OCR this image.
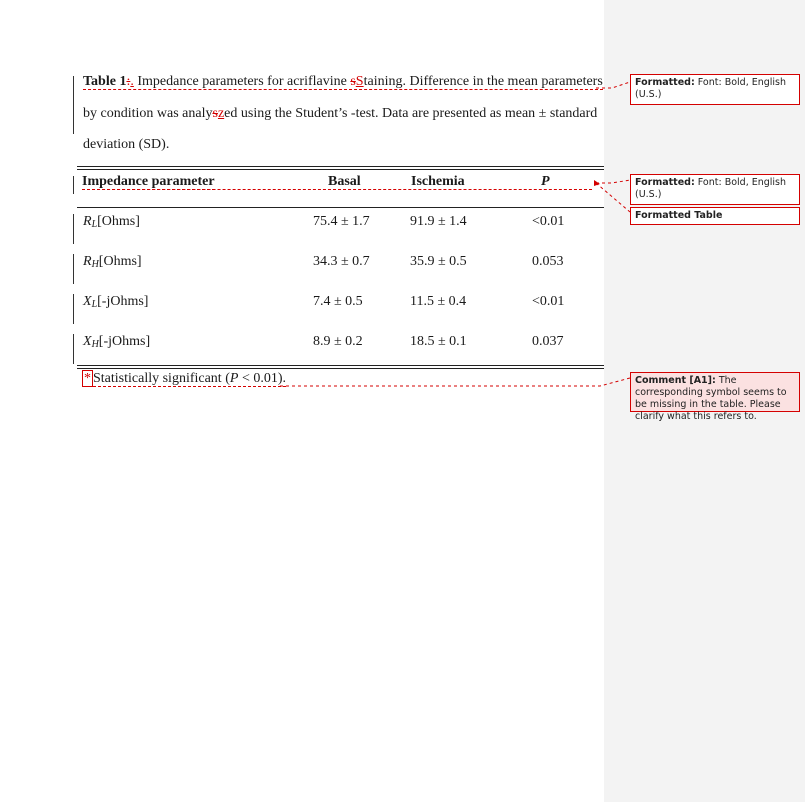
Table 1:. Impedance parameters for acriflavine sStaining. Difference in the mean parameters
by condition was analyszed using the Student’s -test. Data are presented as mean ± standard
deviation (SD).
Impedance parameter	Basal	Ischemia	P
$R_L[Ohms]$	75.4 ± 1.7	91.9 ± 1.4	<0.01
$R_H[Ohms]$	34.3 ± 0.7	35.9 ± 0.5	0.053
$X_L[-jOhms]$	7.4 ± 0.5	11.5 ± 0.4	<0.01
$X_H[-jOhms]$	8.9 ± 0.2	18.5 ± 0.1	0.037
* Statistically significant (P < 0.01).
Formatted: Font: Bold, English (U.S.)
Formatted: Font: Bold, English (U.S.)
Formatted Table
Comment [A1]: The corresponding symbol seems to be missing in the table. Please clarify what this refers to.
